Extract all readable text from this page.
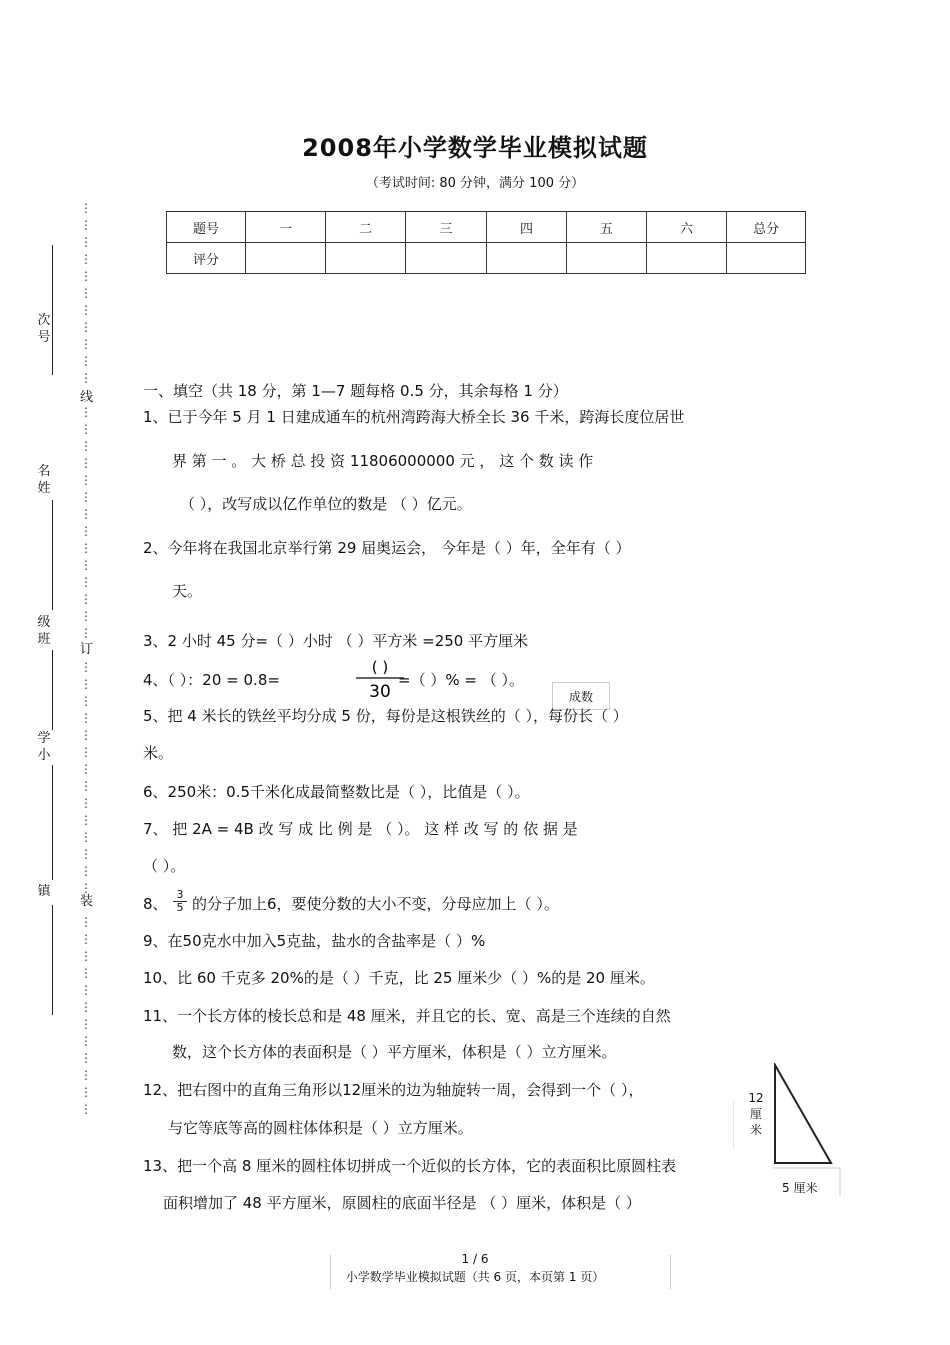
2008年小学数学毕业模拟试题
（考试时间: 80 分钟，满分 100 分）
题号	一	二	三	四	五	六	总分
评分							
⋮
⋮
⋮
⋮
⋮
⋮
⋮
⋮
⋮
⋮
⋮

⋮
⋮
⋮
⋮
⋮
⋮
⋮
⋮
⋮
⋮
⋮
⋮
⋮
⋮

⋮
⋮
⋮
⋮
⋮
⋮
⋮
⋮
⋮
⋮
⋮
⋮
⋮
⋮

⋮
⋮
⋮
⋮
⋮
⋮
⋮
⋮
⋮
⋮
⋮
⋮
线
订
装
次号
名姓
级班
学小
镇
一、填空（共 18 分，第 1—7 题每格 0.5 分，其余每格 1 分）
1、已于今年 5 月 1 日建成通车的杭州湾跨海大桥全长 36 千米，跨海长度位居世
界 第 一 。 大 桥 总 投 资 11806000000 元 ， 这 个 数 读 作
（ ），改写成以亿作单位的数是 （ ）亿元。
2、今年将在我国北京举行第 29 届奥运会， 今年是（ ）年，全年有（ ）
天。
3、2 小时 45 分=（ ）小时 （ ）平方米 =250 平方厘米
4、（ ）：20 = 0.8=
( )
30
=（ ）% = （ ）。
成数
5、把 4 米长的铁丝平均分成 5 份，每份是这根铁丝的（ ），每份长（ ）
米。
6、250米：0.5千米化成最简整数比是（ ），比值是（ ）。
7、 把 2A = 4B 改 写 成 比 例 是 （ ）。 这 样 改 写 的 依 据 是
（ ）。
8、 $\frac{3}{5}$ 的分子加上6，要使分数的大小不变，分母应加上（ ）。
9、在50克水中加入5克盐，盐水的含盐率是（ ）%
10、比 60 千克多 20%的是（ ）千克，比 25 厘米少（ ）%的是 20 厘米。
11、一个长方体的棱长总和是 48 厘米，并且它的长、宽、高是三个连续的自然
数，这个长方体的表面积是（ ）平方厘米，体积是（ ）立方厘米。
12、把右图中的直角三角形以12厘米的边为轴旋转一周，会得到一个（ ），
与它等底等高的圆柱体体积是（ ）立方厘米。
13、把一个高 8 厘米的圆柱体切拼成一个近似的长方体，它的表面积比原圆柱表
面积增加了 48 平方厘米，原圆柱的底面半径是 （ ）厘米，体积是（ ）
12
厘
米
5 厘米
1 / 6
小学数学毕业模拟试题（共 6 页，本页第 1 页）
